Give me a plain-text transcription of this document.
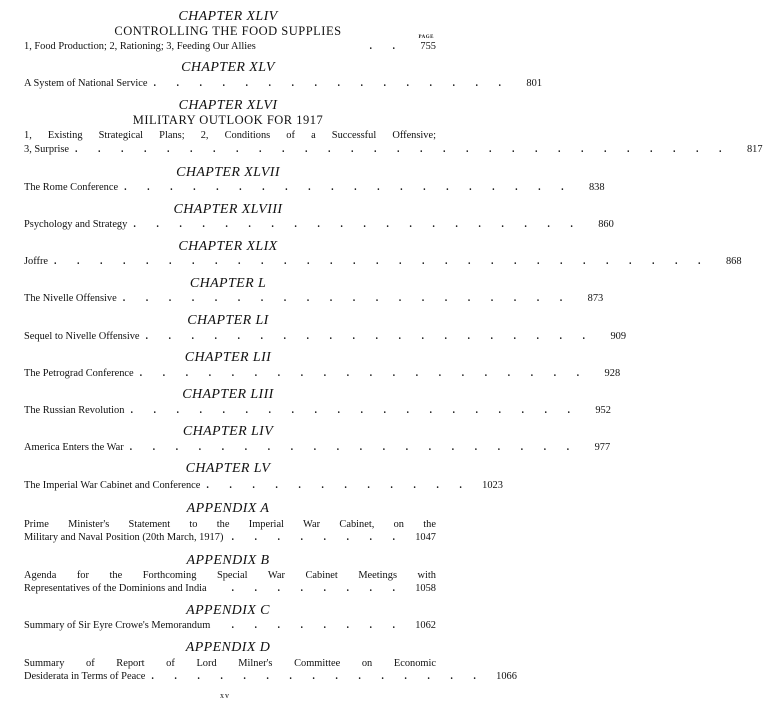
PAGE
CHAPTER XLIV
CONTROLLING THE FOOD SUPPLIES
1, Food Production; 2, Rationing; 3, Feeding Our Allies	. .	755
CHAPTER XLV
A System of National Service . . . . . . . . . . . . . . . .	801
CHAPTER XLVI
MILITARY OUTLOOK FOR 1917
1, Existing Strategical Plans; 2, Conditions of a Successful Offensive;
3, Surprise . . . . . . . . . . . . . . . . . . . . . . . . . . . . .	817
CHAPTER XLVII
The Rome Conference . . . . . . . . . . . . . . . . . . . .	838
CHAPTER XLVIII
Psychology and Strategy . . . . . . . . . . . . . . . . . . . .	860
CHAPTER XLIX
Joffre . . . . . . . . . . . . . . . . . . . . . . . . . . . . .	868
CHAPTER L
The Nivelle Offensive . . . . . . . . . . . . . . . . . . . .	873
CHAPTER LI
Sequel to Nivelle Offensive . . . . . . . . . . . . . . . . . . . .	909
CHAPTER LII
The Petrograd Conference . . . . . . . . . . . . . . . . . . . .	928
CHAPTER LIII
The Russian Revolution . . . . . . . . . . . . . . . . . . . .	952
CHAPTER LIV
America Enters the War . . . . . . . . . . . . . . . . . . . .	977
CHAPTER LV
The Imperial War Cabinet and Conference . . . . . . . . . . . .	1023
APPENDIX A
Prime Minister's Statement to the Imperial War Cabinet, on the
Military and Naval Position (20th March, 1917) . . . . . . . .	1047
APPENDIX B
Agenda for the Forthcoming Special War Cabinet Meetings with
Representatives of the Dominions and India	. . . . . . . .	1058
APPENDIX C
Summary of Sir Eyre Crowe's Memorandum	. . . . . . . .	1062
APPENDIX D
Summary of Report of Lord Milner's Committee on Economic
Desiderata in Terms of Peace . . . . . . . . . . . . . . .	1066
xv
